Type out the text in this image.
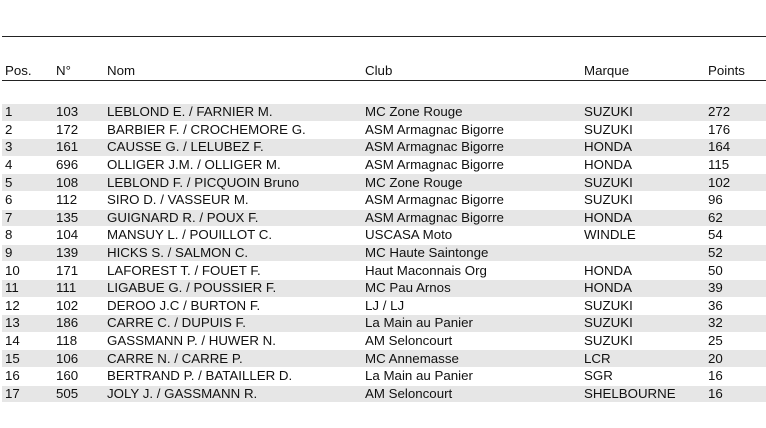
Pos.	N°	Nom	Club	Marque	Points

1	103	LEBLOND E. / FARNIER M.	MC Zone Rouge	SUZUKI	272
2	172	BARBIER F. / CROCHEMORE G.	ASM Armagnac Bigorre	SUZUKI	176
3	161	CAUSSE G. / LELUBEZ F.	ASM Armagnac Bigorre	HONDA	164
4	696	OLLIGER J.M. / OLLIGER M.	ASM Armagnac Bigorre	HONDA	115
5	108	LEBLOND F. / PICQUOIN Bruno	MC Zone Rouge	SUZUKI	102
6	112	SIRO D. / VASSEUR M.	ASM Armagnac Bigorre	SUZUKI	96
7	135	GUIGNARD R. / POUX F.	ASM Armagnac Bigorre	HONDA	62
8	104	MANSUY L. / POUILLOT C.	USCASA Moto	WINDLE	54
9	139	HICKS S. / SALMON C.	MC Haute Saintonge		52
10	171	LAFOREST T. / FOUET F.	Haut Maconnais Org	HONDA	50
11	111	LIGABUE G. / POUSSIER F.	MC Pau Arnos	HONDA	39
12	102	DEROO J.C / BURTON F.	LJ / LJ	SUZUKI	36
13	186	CARRE C. / DUPUIS F.	La Main au Panier	SUZUKI	32
14	118	GASSMANN P. / HUWER N.	AM Seloncourt	SUZUKI	25
15	106	CARRE N. / CARRE P.	MC Annemasse	LCR	20
16	160	BERTRAND P. / BATAILLER D.	La Main au Panier	SGR	16
17	505	JOLY J. / GASSMANN R.	AM Seloncourt	SHELBOURNE	16
